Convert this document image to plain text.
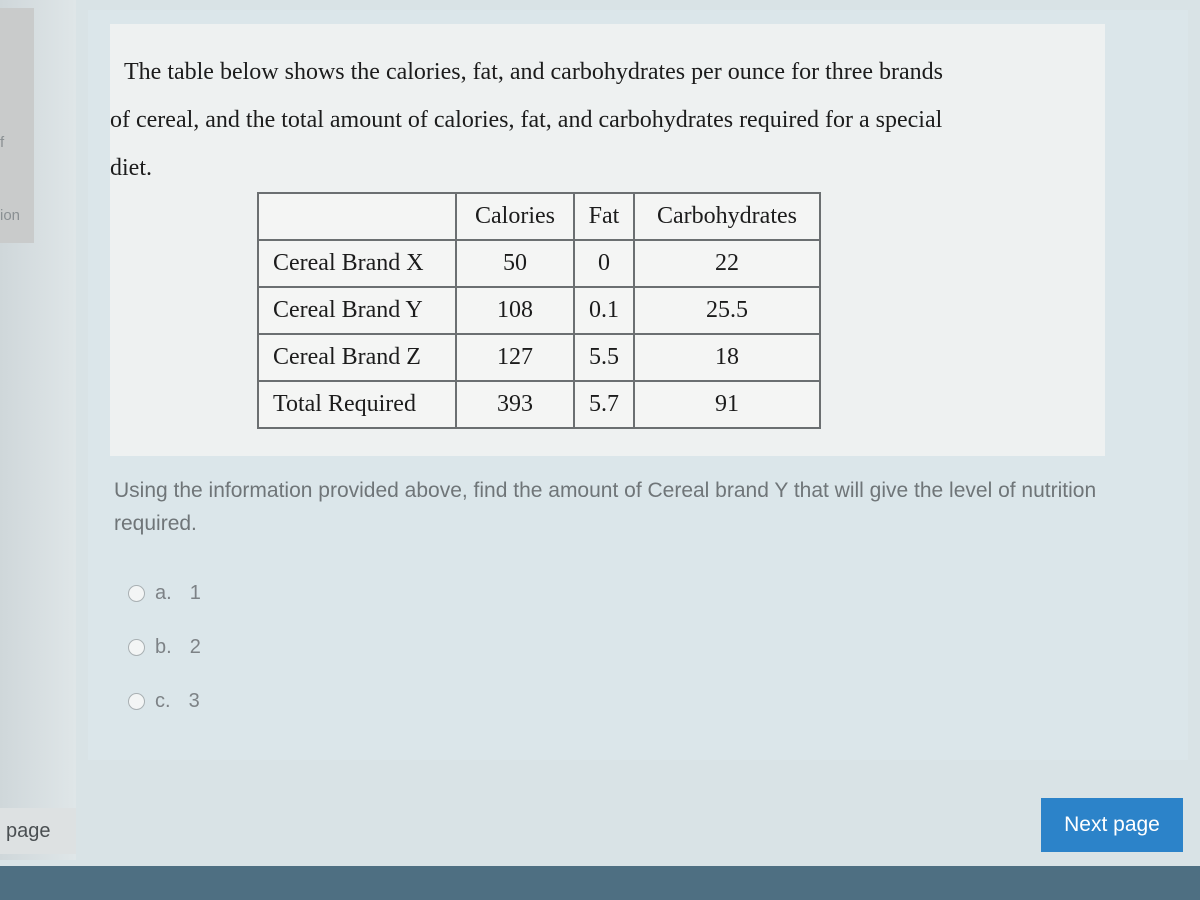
f
ion
page
The table below shows the calories, fat, and carbohydrates per ounce for three brands
of cereal, and the total amount of calories, fat, and carbohydrates required for a special
diet.
	Calories	Fat	Carbohydrates
Cereal Brand X	50	0	22
Cereal Brand Y	108	0.1	25.5
Cereal Brand Z	127	5.5	18
Total Required	393	5.7	91
Using the information provided above, find the amount of Cereal brand Y that will give the level of nutrition required.
a. 1
b. 2
c. 3
Next page
